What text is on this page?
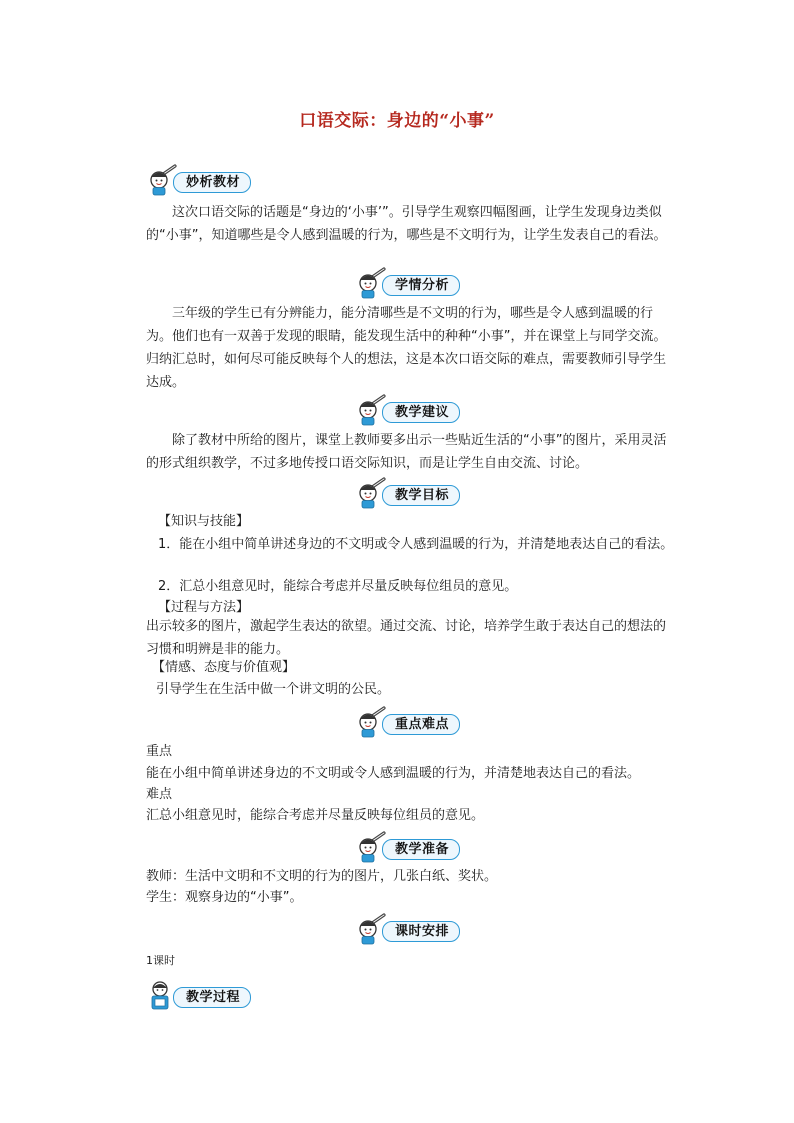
口语交际：身边的“小事”
妙析教材

这次口语交际的话题是“身边的‘小事’”。引导学生观察四幅图画，让学生发现身边类似的“小事”，知道哪些是令人感到温暖的行为，哪些是不文明行为，让学生发表自己的看法。

学情分析

三年级的学生已有分辨能力，能分清哪些是不文明的行为，哪些是令人感到温暖的行为。他们也有一双善于发现的眼睛，能发现生活中的种种“小事”，并在课堂上与同学交流。归纳汇总时，如何尽可能反映每个人的想法，这是本次口语交际的难点，需要教师引导学生达成。

教学建议

除了教材中所给的图片，课堂上教师要多出示一些贴近生活的“小事”的图片，采用灵活的形式组织教学，不过多地传授口语交际知识，而是让学生自由交流、讨论。

教学目标
【知识与技能】

1．能在小组中简单讲述身边的不文明或令人感到温暖的行为，并清楚地表达自己的看法。

2．汇总小组意见时，能综合考虑并尽量反映每位组员的意见。
【过程与方法】

出示较多的图片，激起学生表达的欲望。通过交流、讨论，培养学生敢于表达自己的想法的习惯和明辨是非的能力。

【情感、态度与价值观】
引导学生在生活中做一个讲文明的公民。
重点难点
重点
能在小组中简单讲述身边的不文明或令人感到温暖的行为，并清楚地表达自己的看法。
难点
汇总小组意见时，能综合考虑并尽量反映每位组员的意见。
教学准备
教师：生活中文明和不文明的行为的图片，几张白纸、奖状。
学生：观察身边的“小事”。
课时安排
1课时
教学过程
